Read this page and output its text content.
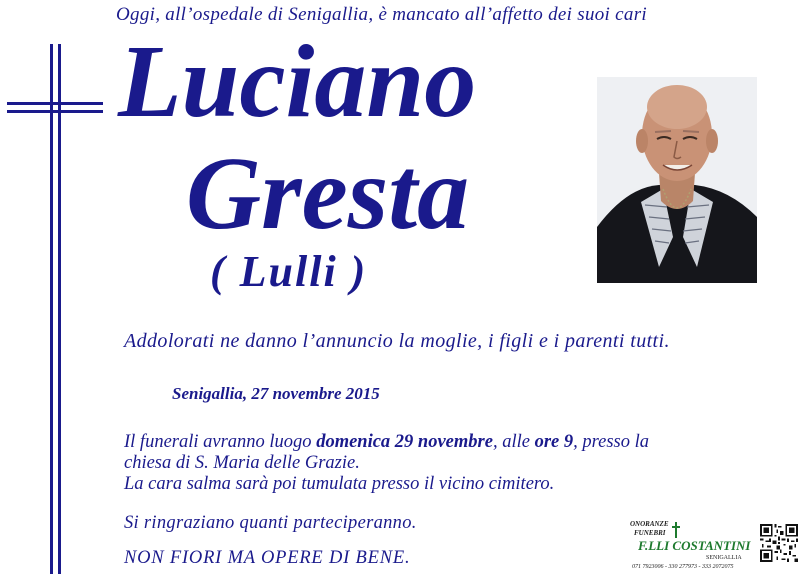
Oggi, all’ospedale di Senigallia, è mancato all’affetto dei suoi cari
Luciano
Gresta
( Lulli )
Addolorati ne danno l’annuncio la moglie, i figli e i parenti tutti.
Senigallia, 27 novembre 2015

Il funerali avranno luogo domenica 29 novembre, alle ore 9, presso la

chiesa di S. Maria delle Grazie.

La cara salma sarà poi tumulata presso il vicino cimitero.

Si ringraziano quanti parteciperanno.
NON FIORI MA OPERE DI BENE.
ONORANZE
FUNEBRI
F.LLI COSTANTINI
SENIGALLIA
071 7923006 - 330 277973 - 333 2072075
